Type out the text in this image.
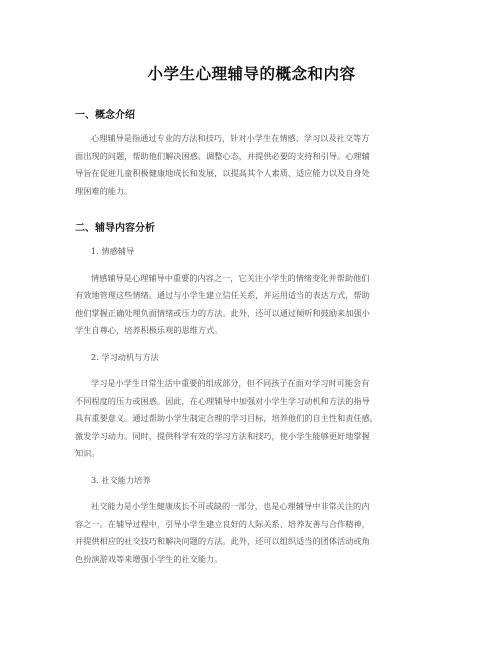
小学生心理辅导的概念和内容
一、概念介绍

心理辅导是指通过专业的方法和技巧，针对小学生在情感、学习以及社交等方
面出现的问题，帮助他们解决困惑、调整心态，并提供必要的支持和引导。心理辅
导旨在促进儿童积极健康地成长和发展，以提高其个人素质、适应能力以及自身处
理困难的能力。

二、辅导内容分析

1. 情感辅导

情感辅导是心理辅导中重要的内容之一，它关注小学生的情绪变化并帮助他们
有效地管理这些情绪。通过与小学生建立信任关系，并运用适当的表达方式，帮助
他们掌握正确处理负面情绪或压力的方法。此外，还可以通过倾听和鼓励来加强小
学生自尊心，培养积极乐观的思维方式。

2. 学习动机与方法

学习是小学生日常生活中重要的组成部分，但不同孩子在面对学习时可能会有
不同程度的压力或困惑。因此，在心理辅导中加强对小学生学习动机和方法的指导
具有重要意义。通过帮助小学生制定合理的学习目标，培养他们的自主性和责任感，
激发学习动力。同时，提供科学有效的学习方法和技巧，使小学生能够更好地掌握
知识。

3. 社交能力培养

社交能力是小学生健康成长不可或缺的一部分，也是心理辅导中非常关注的内
容之一。在辅导过程中，引导小学生建立良好的人际关系、培养友善与合作精神，
并提供相应的社交技巧和解决问题的方法。此外，还可以组织适当的团体活动或角
色扮演游戏等来增强小学生的社交能力。
